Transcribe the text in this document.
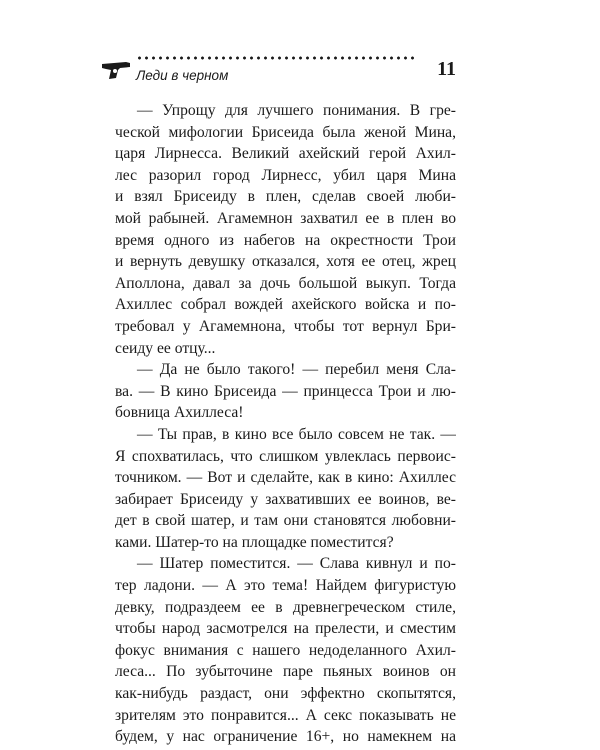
Леди в черном	11
— Упрощу для лучшего понимания. В гре-
ческой мифологии Брисеида была женой Мина,
царя Лирнесса. Великий ахейский герой Ахил-
лес разорил город Лирнесс, убил царя Мина
и взял Брисеиду в плен, сделав своей люби-
мой рабыней. Агамемнон захватил ее в плен во
время одного из набегов на окрестности Трои
и вернуть девушку отказался, хотя ее отец, жрец
Аполлона, давал за дочь большой выкуп. Тогда
Ахиллес собрал вождей ахейского войска и по-
требовал у Агамемнона, чтобы тот вернул Бри-
сеиду ее отцу...
— Да не было такого! — перебил меня Сла-
ва. — В кино Брисеида — принцесса Трои и лю-
бовница Ахиллеса!
— Ты прав, в кино все было совсем не так. —
Я спохватилась, что слишком увлеклась первоис-
точником. — Вот и сделайте, как в кино: Ахиллес
забирает Брисеиду у захвативших ее воинов, ве-
дет в свой шатер, и там они становятся любовни-
ками. Шатер-то на площадке поместится?
— Шатер поместится. — Слава кивнул и по-
тер ладони. — А это тема! Найдем фигуристую
девку, подраздеем ее в древнегреческом стиле,
чтобы народ засмотрелся на прелести, и сместим
фокус внимания с нашего недоделанного Ахил-
леса... По зубыточине паре пьяных воинов он
как-нибудь раздаст, они эффектно скопытятся,
зрителям это понравится... А секс показывать не
будем, у нас ограничение 16+, но намекнем на
